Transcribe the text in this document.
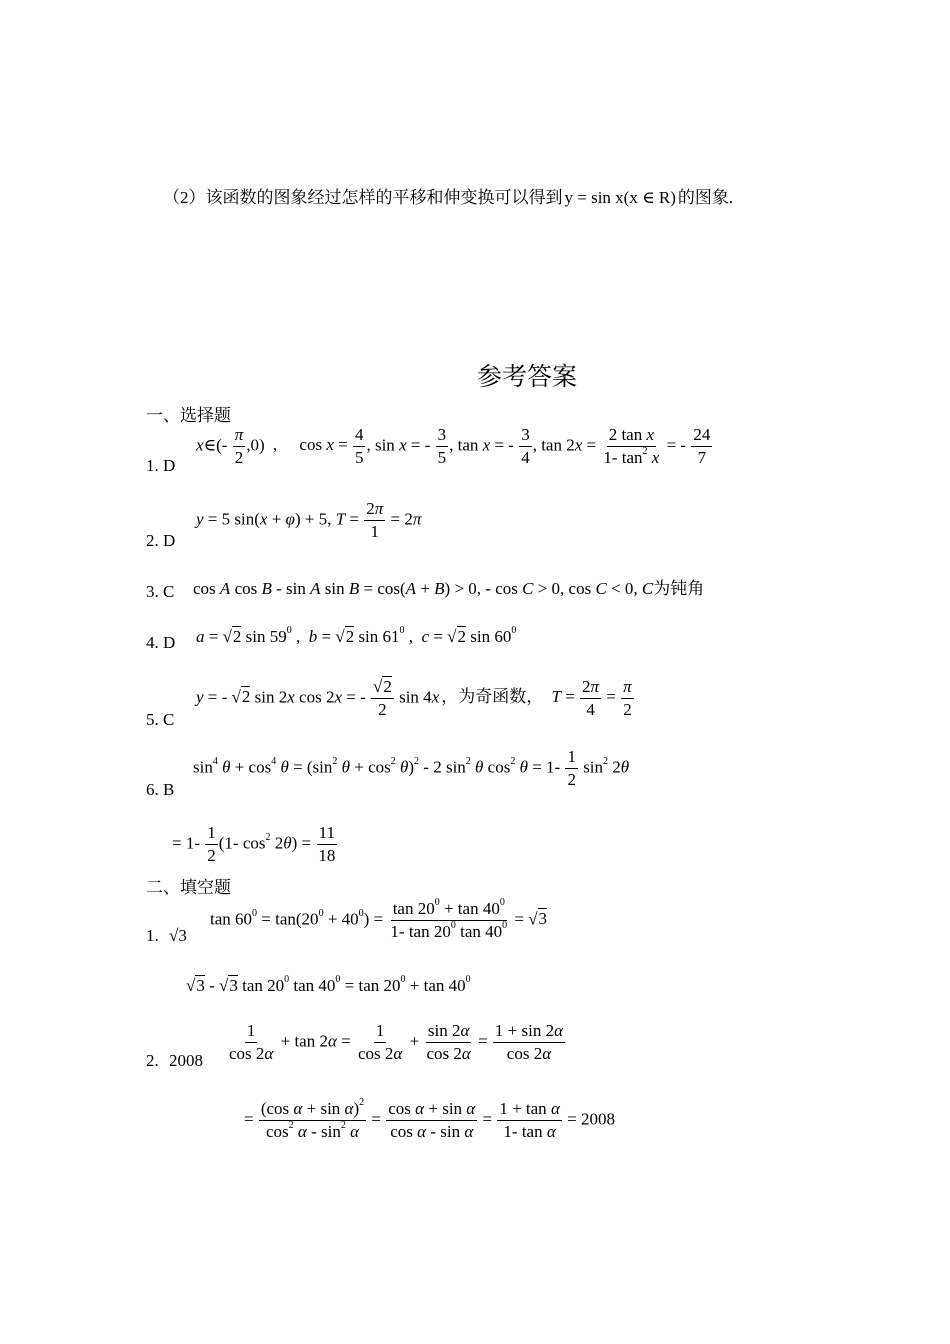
（2）该函数的图象经过怎样的平移和伸变换可以得到 y = sin x(x ∈ R) 的图象.
参考答案
一、选择题
1. D
x∈(- $\frac{\pi}{2} ,0$) , $\cos x = \frac{4}{5}$ , sin x = - $\frac{3}{5}$ , tan x = - $\frac{3}{4}$ , $\tan 2x = \frac{\text{2 tan x}}{1- \tan^2 x}$ = - $\frac{24}{7}$
2. D
y = 5 sin(x + φ) + 5, $T = \frac{2\pi}{1} = 2\pi$
3. C cos A cos B - sin A sin B = cos(A + B) > 0, - cos C > 0, cos C < 0, C为钝角
4. D a = √2 $\sin 59^0$ ,  b = √2 $\sin 61^0$ ,  c = √2 $\sin 60^0$
5. C
y = - √2 sin 2x cos 2x = - $\frac{√2}{2}$ sin 4x ，为奇函数， $T = \frac{2\pi}{4} = \frac{\pi}{2}$
6. B
$\sin^4 \theta + \cos^4 \theta = (\sin^2$ $\theta + \cos^2 \theta)^2 - 2$ $\sin^2 \theta$ $\cos^2 \theta = 1- \frac{1}{2} \sin^2 2\theta$
= $1- \frac{1}{2} (1-$ $\cos^2 2\theta) = \frac{11}{18}$
二、填空题
1. √3
$\tan 60^0 = \tan(20^0 + 40^0) = \frac{\tan 20^0 + \tan 40^0}{1- \tan 20^0 \tan 40^0} = √3$
√3 - √3 $\tan 20^0$ $\tan 40^0 = \tan 20^0 + \tan 40^0$
2. $2008 \frac{1}{\cos 2\alpha} + \tan 2\alpha = \frac{1}{\cos 2\alpha} + \frac{\sin 2\alpha}{\cos 2\alpha} = \frac{1 + \sin 2\alpha}{\cos 2\alpha}$
= $\frac{(\cos \alpha + \sin \alpha)^2}{\cos^2 \alpha - \sin^2 \alpha} = \frac{\text{cos α + sin α}}{\text{cos α - sin α}} = \frac{\text{1 + tan α}}{\text{1- tan α}} = 2008$
